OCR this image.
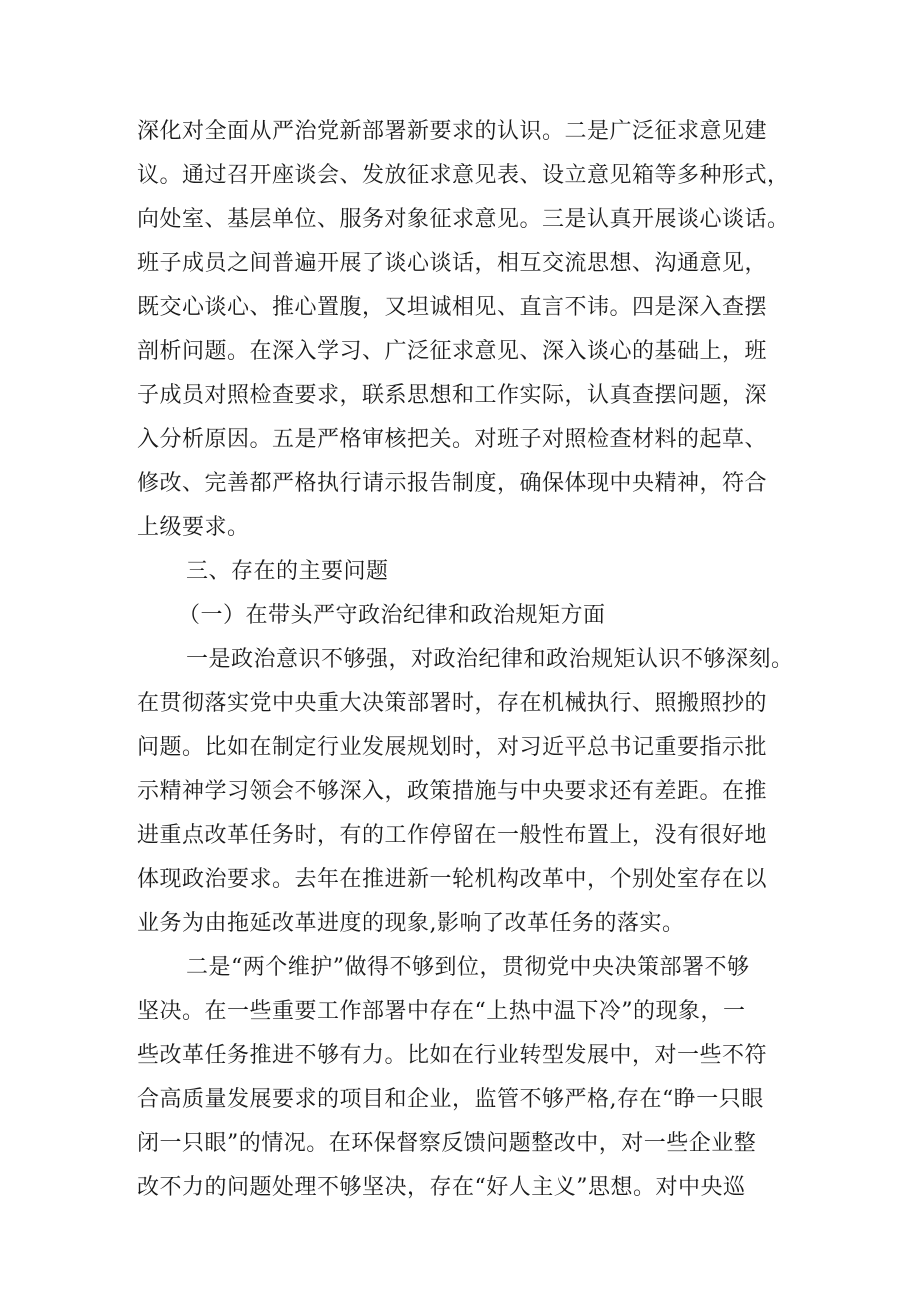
深化对全面从严治党新部署新要求的认识。二是广泛征求意见建
议。通过召开座谈会、发放征求意见表、设立意见箱等多种形式，
向处室、基层单位、服务对象征求意见。三是认真开展谈心谈话。
班子成员之间普遍开展了谈心谈话，相互交流思想、沟通意见，
既交心谈心、推心置腹，又坦诚相见、直言不讳。四是深入查摆
剖析问题。在深入学习、广泛征求意见、深入谈心的基础上，班
子成员对照检查要求，联系思想和工作实际，认真查摆问题，深
入分析原因。五是严格审核把关。对班子对照检查材料的起草、
修改、完善都严格执行请示报告制度，确保体现中央精神，符合
上级要求。
三、存在的主要问题
（一）在带头严守政治纪律和政治规矩方面
一是政治意识不够强，对政治纪律和政治规矩认识不够深刻。
在贯彻落实党中央重大决策部署时，存在机械执行、照搬照抄的
问题。比如在制定行业发展规划时，对习近平总书记重要指示批
示精神学习领会不够深入，政策措施与中央要求还有差距。在推
进重点改革任务时，有的工作停留在一般性布置上，没有很好地
体现政治要求。去年在推进新一轮机构改革中，个别处室存在以
业务为由拖延改革进度的现象,影响了改革任务的落实。
二是“两个维护”做得不够到位，贯彻党中央决策部署不够
坚决。在一些重要工作部署中存在“上热中温下冷”的现象，一
些改革任务推进不够有力。比如在行业转型发展中，对一些不符
合高质量发展要求的项目和企业，监管不够严格,存在“睁一只眼
闭一只眼”的情况。在环保督察反馈问题整改中，对一些企业整
改不力的问题处理不够坚决，存在“好人主义”思想。对中央巡
